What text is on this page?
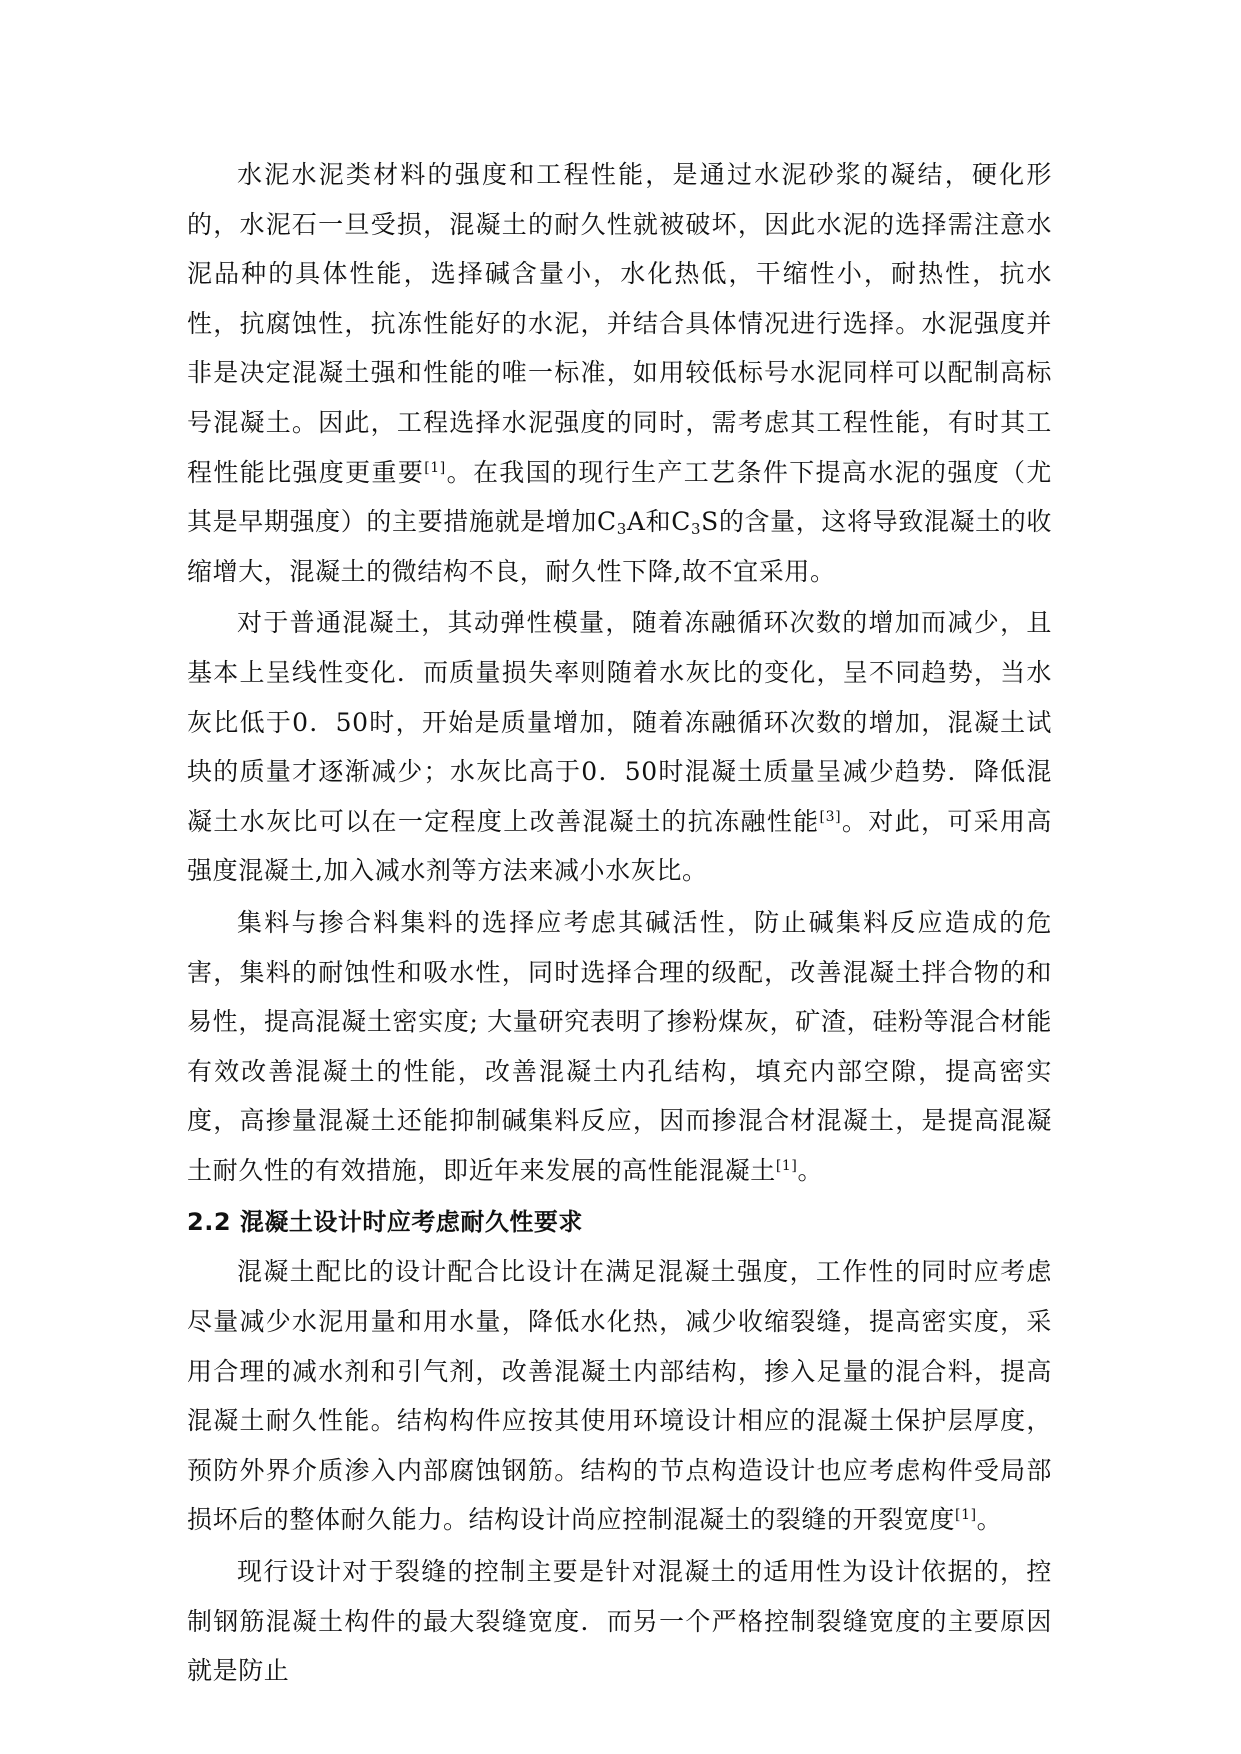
水泥水泥类材料的强度和工程性能，是通过水泥砂浆的凝结，硬化形的，水泥石一旦受损，混凝土的耐久性就被破坏，因此水泥的选择需注意水泥品种的具体性能，选择碱含量小，水化热低，干缩性小，耐热性，抗水性，抗腐蚀性，抗冻性能好的水泥，并结合具体情况进行选择。水泥强度并非是决定混凝土强和性能的唯一标准，如用较低标号水泥同样可以配制高标号混凝土。因此，工程选择水泥强度的同时，需考虑其工程性能，有时其工程性能比强度更重要[1]。在我国的现行生产工艺条件下提高水泥的强度（尤其是早期强度）的主要措施就是增加$C_3A$和$C_3S$的含量，这将导致混凝土的收缩增大，混凝土的微结构不良，耐久性下降,故不宜采用。

对于普通混凝土，其动弹性模量，随着冻融循环次数的增加而减少，且基本上呈线性变化．而质量损失率则随着水灰比的变化，呈不同趋势，当水灰比低于0．50时，开始是质量增加，随着冻融循环次数的增加，混凝土试块的质量才逐渐减少；水灰比高于0．50时混凝土质量呈减少趋势．降低混凝土水灰比可以在一定程度上改善混凝土的抗冻融性能[3]。对此，可采用高强度混凝土,加入减水剂等方法来减小水灰比。

集料与掺合料集料的选择应考虑其碱活性，防止碱集料反应造成的危害，集料的耐蚀性和吸水性，同时选择合理的级配，改善混凝土拌合物的和易性，提高混凝土密实度; 大量研究表明了掺粉煤灰，矿渣，硅粉等混合材能有效改善混凝土的性能，改善混凝土内孔结构，填充内部空隙，提高密实度，高掺量混凝土还能抑制碱集料反应，因而掺混合材混凝土，是提高混凝土耐久性的有效措施，即近年来发展的高性能混凝土[1]。

2.2 混凝土设计时应考虑耐久性要求

混凝土配比的设计配合比设计在满足混凝土强度，工作性的同时应考虑尽量减少水泥用量和用水量，降低水化热，减少收缩裂缝，提高密实度，采用合理的减水剂和引气剂，改善混凝土内部结构，掺入足量的混合料，提高混凝土耐久性能。结构构件应按其使用环境设计相应的混凝土保护层厚度，预防外界介质渗入内部腐蚀钢筋。结构的节点构造设计也应考虑构件受局部损坏后的整体耐久能力。结构设计尚应控制混凝土的裂缝的开裂宽度[1]。

现行设计对于裂缝的控制主要是针对混凝土的适用性为设计依据的，控制钢筋混凝土构件的最大裂缝宽度．而另一个严格控制裂缝宽度的主要原因就是防止
